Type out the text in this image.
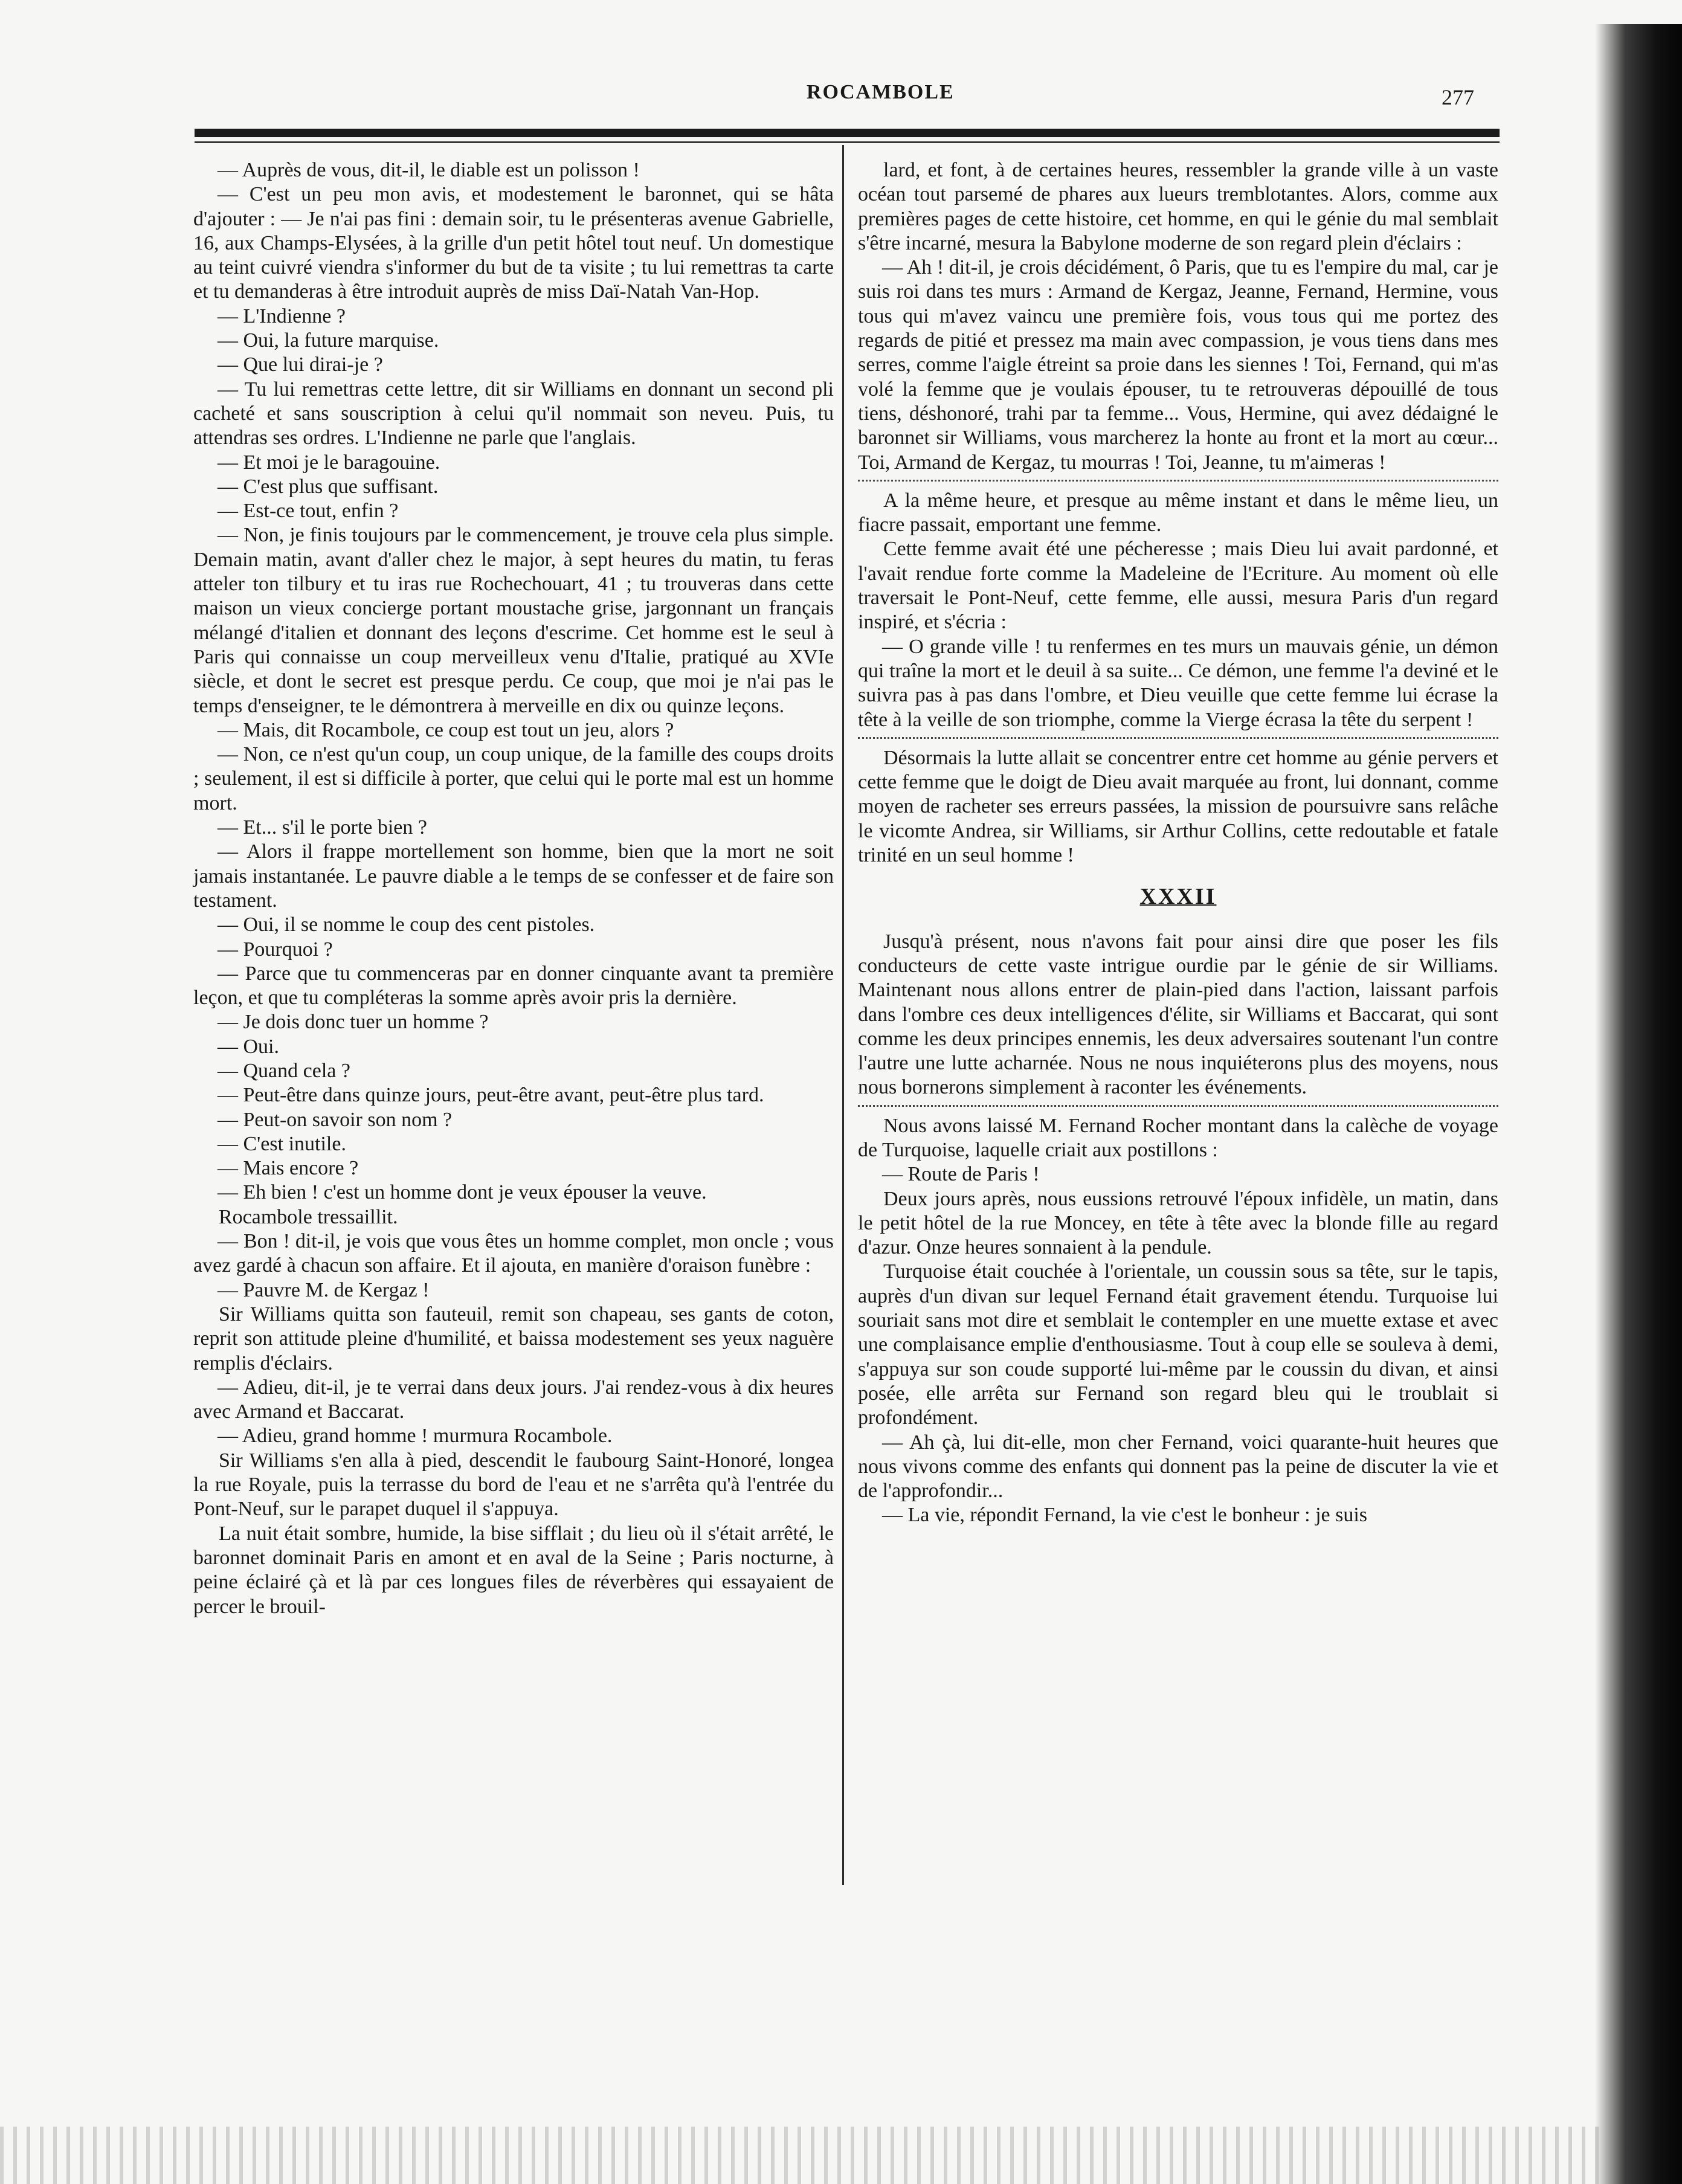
ROCAMBOLE	277

— Auprès de vous, dit-il, le diable est un polisson !

— C'est un peu mon avis, et modestement le baronnet, qui se hâta d'ajouter : — Je n'ai pas fini : demain soir, tu le présenteras avenue Gabrielle, 16, aux Champs-Elysées, à la grille d'un petit hôtel tout neuf. Un domestique au teint cuivré viendra s'informer du but de ta visite ; tu lui remettras ta carte et tu demanderas à être introduit auprès de miss Daï-Natah Van-Hop.

— L'Indienne ?

— Oui, la future marquise.

— Que lui dirai-je ?

— Tu lui remettras cette lettre, dit sir Williams en donnant un second pli cacheté et sans souscription à celui qu'il nommait son neveu. Puis, tu attendras ses ordres. L'Indienne ne parle que l'anglais.

— Et moi je le baragouine.

— C'est plus que suffisant.

— Est-ce tout, enfin ?

— Non, je finis toujours par le commencement, je trouve cela plus simple. Demain matin, avant d'aller chez le major, à sept heures du matin, tu feras atteler ton tilbury et tu iras rue Rochechouart, 41 ; tu trouveras dans cette maison un vieux concierge portant moustache grise, jargonnant un français mélangé d'italien et donnant des leçons d'escrime. Cet homme est le seul à Paris qui connaisse un coup merveilleux venu d'Italie, pratiqué au XVIe siècle, et dont le secret est presque perdu. Ce coup, que moi je n'ai pas le temps d'enseigner, te le démontrera à merveille en dix ou quinze leçons.

— Mais, dit Rocambole, ce coup est tout un jeu, alors ?

— Non, ce n'est qu'un coup, un coup unique, de la famille des coups droits ; seulement, il est si difficile à porter, que celui qui le porte mal est un homme mort.

— Et... s'il le porte bien ?

— Alors il frappe mortellement son homme, bien que la mort ne soit jamais instantanée. Le pauvre diable a le temps de se confesser et de faire son testament.

— Oui, il se nomme le coup des cent pistoles.

— Pourquoi ?

— Parce que tu commenceras par en donner cinquante avant ta première leçon, et que tu compléteras la somme après avoir pris la dernière.

— Je dois donc tuer un homme ?

— Oui.

— Quand cela ?

— Peut-être dans quinze jours, peut-être avant, peut-être plus tard.

— Peut-on savoir son nom ?

— C'est inutile.

— Mais encore ?

— Eh bien ! c'est un homme dont je veux épouser la veuve.

Rocambole tressaillit.

— Bon ! dit-il, je vois que vous êtes un homme complet, mon oncle ; vous avez gardé à chacun son affaire. Et il ajouta, en manière d'oraison funèbre :

— Pauvre M. de Kergaz !

Sir Williams quitta son fauteuil, remit son chapeau, ses gants de coton, reprit son attitude pleine d'humilité, et baissa modestement ses yeux naguère remplis d'éclairs.

— Adieu, dit-il, je te verrai dans deux jours. J'ai rendez-vous à dix heures avec Armand et Baccarat.

— Adieu, grand homme ! murmura Rocambole.

Sir Williams s'en alla à pied, descendit le faubourg Saint-Honoré, longea la rue Royale, puis la terrasse du bord de l'eau et ne s'arrêta qu'à l'entrée du Pont-Neuf, sur le parapet duquel il s'appuya.

La nuit était sombre, humide, la bise sifflait ; du lieu où il s'était arrêté, le baronnet dominait Paris en amont et en aval de la Seine ; Paris nocturne, à peine éclairé çà et là par ces longues files de réverbères qui essayaient de percer le brouil-

lard, et font, à de certaines heures, ressembler la grande ville à un vaste océan tout parsemé de phares aux lueurs tremblotantes. Alors, comme aux premières pages de cette histoire, cet homme, en qui le génie du mal semblait s'être incarné, mesura la Babylone moderne de son regard plein d'éclairs :

— Ah ! dit-il, je crois décidément, ô Paris, que tu es l'empire du mal, car je suis roi dans tes murs : Armand de Kergaz, Jeanne, Fernand, Hermine, vous tous qui m'avez vaincu une première fois, vous tous qui me portez des regards de pitié et pressez ma main avec compassion, je vous tiens dans mes serres, comme l'aigle étreint sa proie dans les siennes ! Toi, Fernand, qui m'as volé la femme que je voulais épouser, tu te retrouveras dépouillé de tous tiens, déshonoré, trahi par ta femme... Vous, Hermine, qui avez dédaigné le baronnet sir Williams, vous marcherez la honte au front et la mort au cœur... Toi, Armand de Kergaz, tu mourras ! Toi, Jeanne, tu m'aimeras !

A la même heure, et presque au même instant et dans le même lieu, un fiacre passait, emportant une femme.

Cette femme avait été une pécheresse ; mais Dieu lui avait pardonné, et l'avait rendue forte comme la Madeleine de l'Ecriture. Au moment où elle traversait le Pont-Neuf, cette femme, elle aussi, mesura Paris d'un regard inspiré, et s'écria :

— O grande ville ! tu renfermes en tes murs un mauvais génie, un démon qui traîne la mort et le deuil à sa suite... Ce démon, une femme l'a deviné et le suivra pas à pas dans l'ombre, et Dieu veuille que cette femme lui écrase la tête à la veille de son triomphe, comme la Vierge écrasa la tête du serpent !

Désormais la lutte allait se concentrer entre cet homme au génie pervers et cette femme que le doigt de Dieu avait marquée au front, lui donnant, comme moyen de racheter ses erreurs passées, la mission de poursuivre sans relâche le vicomte Andrea, sir Williams, sir Arthur Collins, cette redoutable et fatale trinité en un seul homme !

XXXII

Jusqu'à présent, nous n'avons fait pour ainsi dire que poser les fils conducteurs de cette vaste intrigue ourdie par le génie de sir Williams. Maintenant nous allons entrer de plain-pied dans l'action, laissant parfois dans l'ombre ces deux intelligences d'élite, sir Williams et Baccarat, qui sont comme les deux principes ennemis, les deux adversaires soutenant l'un contre l'autre une lutte acharnée. Nous ne nous inquiéterons plus des moyens, nous nous bornerons simplement à raconter les événements.

Nous avons laissé M. Fernand Rocher montant dans la calèche de voyage de Turquoise, laquelle criait aux postillons :

— Route de Paris !

Deux jours après, nous eussions retrouvé l'époux infidèle, un matin, dans le petit hôtel de la rue Moncey, en tête à tête avec la blonde fille au regard d'azur. Onze heures sonnaient à la pendule.

Turquoise était couchée à l'orientale, un coussin sous sa tête, sur le tapis, auprès d'un divan sur lequel Fernand était gravement étendu. Turquoise lui souriait sans mot dire et semblait le contempler en une muette extase et avec une complaisance emplie d'enthousiasme. Tout à coup elle se souleva à demi, s'appuya sur son coude supporté lui-même par le coussin du divan, et ainsi posée, elle arrêta sur Fernand son regard bleu qui le troublait si profondément.

— Ah çà, lui dit-elle, mon cher Fernand, voici quarante-huit heures que nous vivons comme des enfants qui donnent pas la peine de discuter la vie et de l'approfondir...

— La vie, répondit Fernand, la vie c'est le bonheur : je suis
